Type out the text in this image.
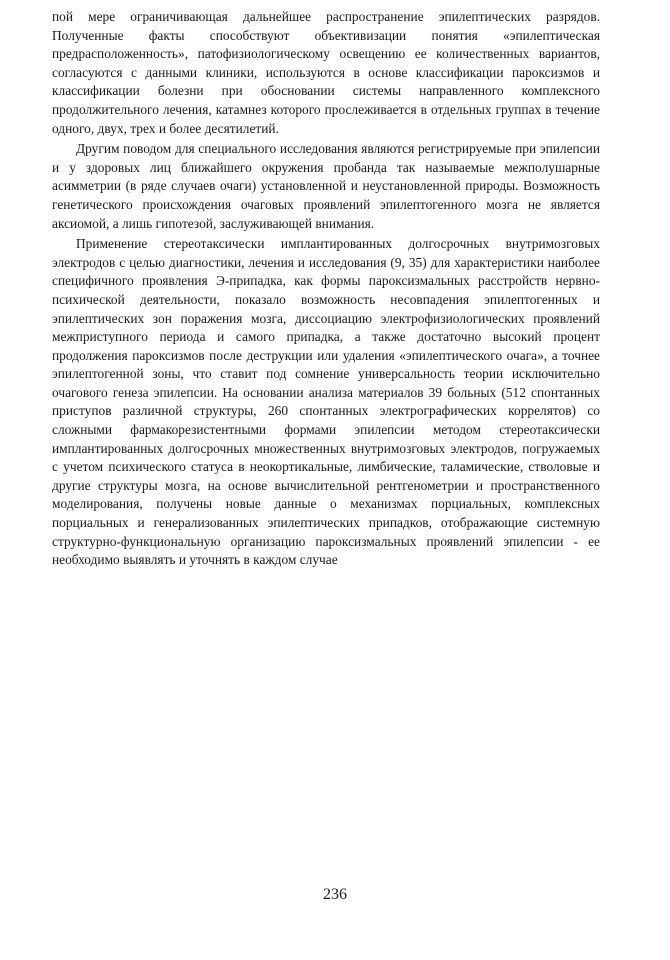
пой мере ограничивающая дальнейшее распространение эпилептических разрядов. Полученные факты способствуют объективизации понятия «эпилептическая предрасположенность», патофизиологическому освещению ее количественных вариантов, согласуются с данными клиники, используются в основе классификации пароксизмов и классификации болезни при обосновании системы направленного комплексного продолжительного лечения, катамнез которого прослеживается в отдельных группах в течение одного, двух, трех и более десятилетий.

Другим поводом для специального исследования являются регистрируемые при эпилепсии и у здоровых лиц ближайшего окружения пробанда так называемые межполушарные асимметрии (в ряде случаев очаги) установленной и неустановленной природы. Возможность генетического происхождения очаговых проявлений эпилептогенного мозга не является аксиомой, а лишь гипотезой, заслуживающей внимания.

Применение стереотаксически имплантированных долгосрочных внутримозговых электродов с целью диагностики, лечения и исследования (9, 35) для характеристики наиболее специфичного проявления Э-припадка, как формы пароксизмальных расстройств нервно-психической деятельности, показало возможность несовпадения эпилептогенных и эпилептических зон поражения мозга, диссоциацию электрофизиологических проявлений межприступного периода и самого припадка, а также достаточно высокий процент продолжения пароксизмов после деструкции или удаления «эпилептического очага», а точнее эпилептогенной зоны, что ставит под сомнение универсальность теории исключительно очагового генеза эпилепсии. На основании анализа материалов 39 больных (512 спонтанных приступов различной структуры, 260 спонтанных электрографических коррелятов) со сложными фармакорезистентными формами эпилепсии методом стереотаксически имплантированных долгосрочных множественных внутримозговых электродов, погружаемых с учетом психического статуса в неокортикальные, лимбические, таламические, стволовые и другие структуры мозга, на основе вычислительной рентгенометрии и пространственного моделирования, получены новые данные о механизмах порциальных, комплексных порциальных и генерализованных эпилептических припадков, отображающие системную структурно-функциональную организацию пароксизмальных проявлений эпилепсии - ее необходимо выявлять и уточнять в каждом случае

236
